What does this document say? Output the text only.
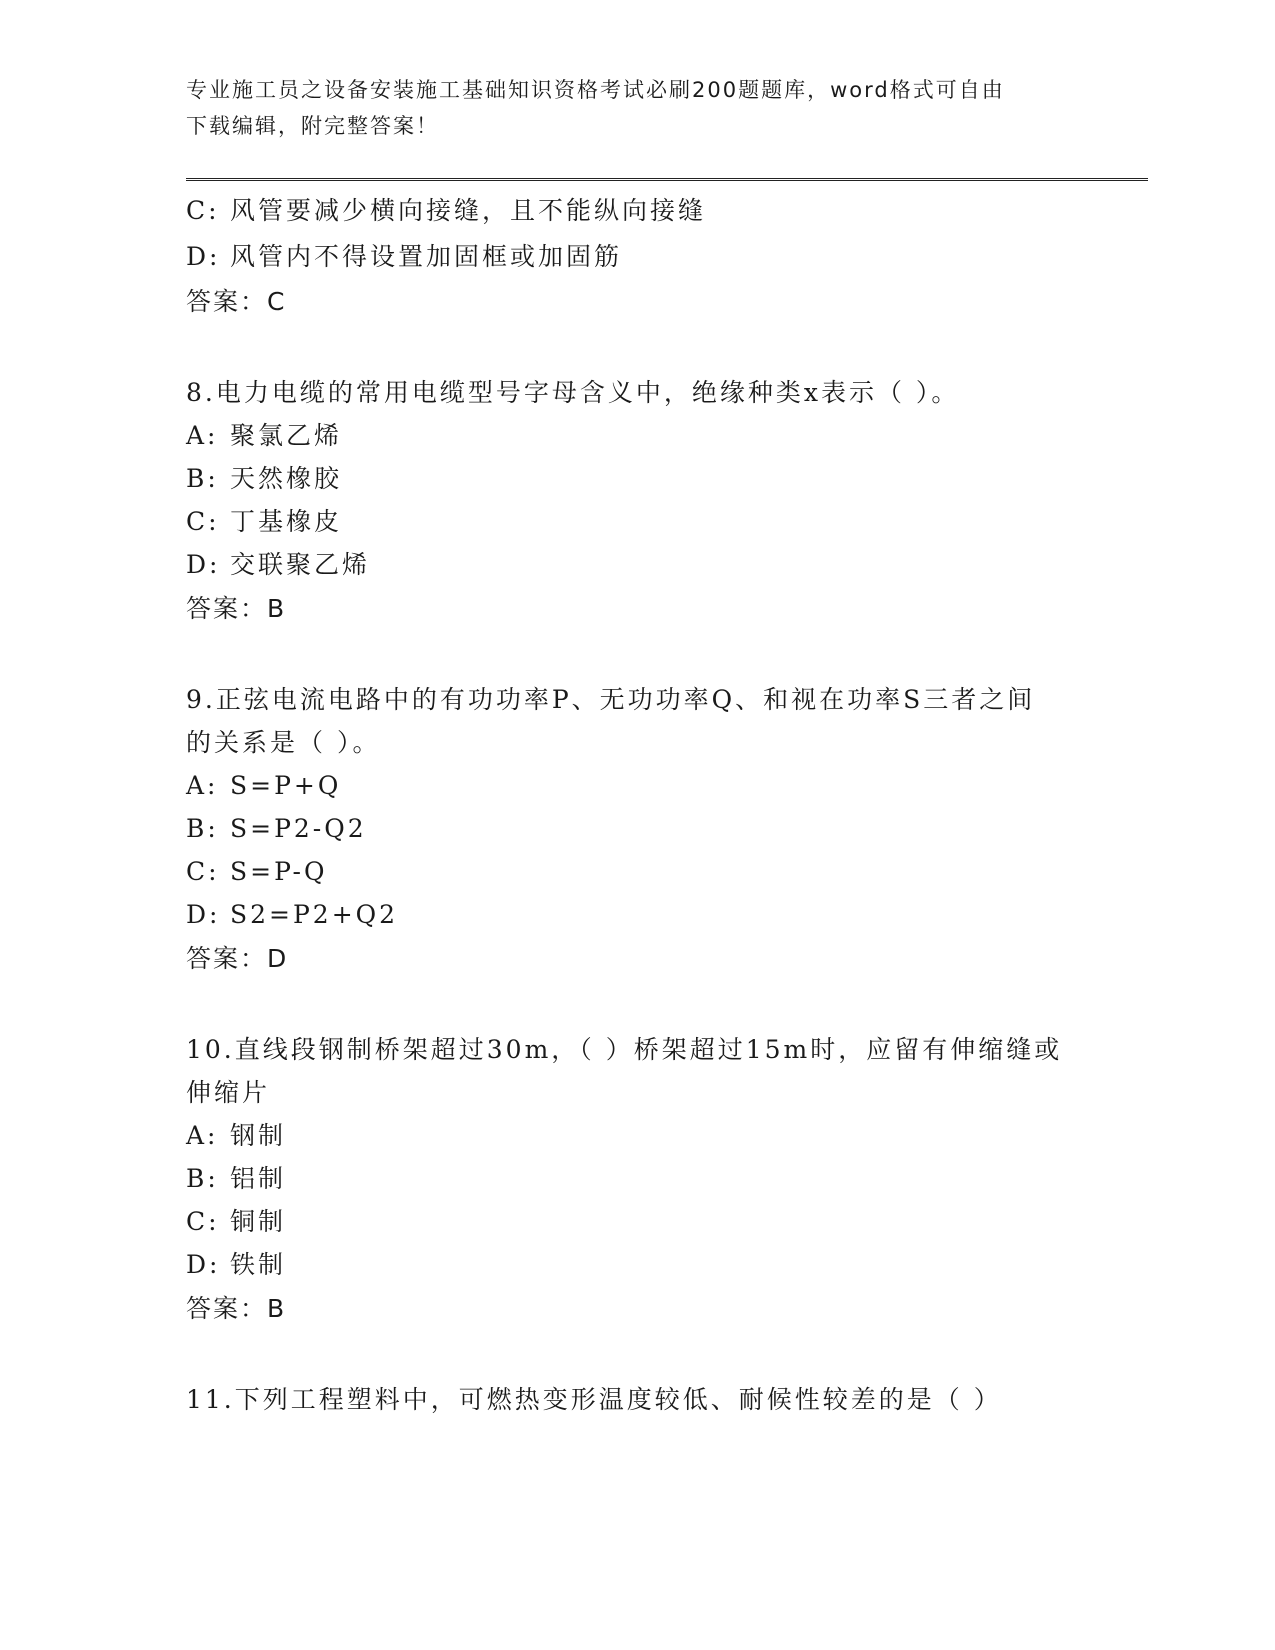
专业施工员之设备安装施工基础知识资格考试必刷200题题库，word格式可自由
下载编辑，附完整答案！
C: 风管要减少横向接缝，且不能纵向接缝
D: 风管内不得设置加固框或加固筋
答案：C
8.电力电缆的常用电缆型号字母含义中，绝缘种类x表示（ ）。
A: 聚氯乙烯
B: 天然橡胶
C: 丁基橡皮
D: 交联聚乙烯
答案：B
9.正弦电流电路中的有功功率P、无功功率Q、和视在功率S三者之间
的关系是（ ）。
A: S=P+Q
B: S=P2-Q2
C: S=P-Q
D: S2=P2+Q2
答案：D
10.直线段钢制桥架超过30m，（ ）桥架超过15m时，应留有伸缩缝或
伸缩片
A: 钢制
B: 铝制
C: 铜制
D: 铁制
答案：B
11.下列工程塑料中，可燃热变形温度较低、耐候性较差的是（ ）
